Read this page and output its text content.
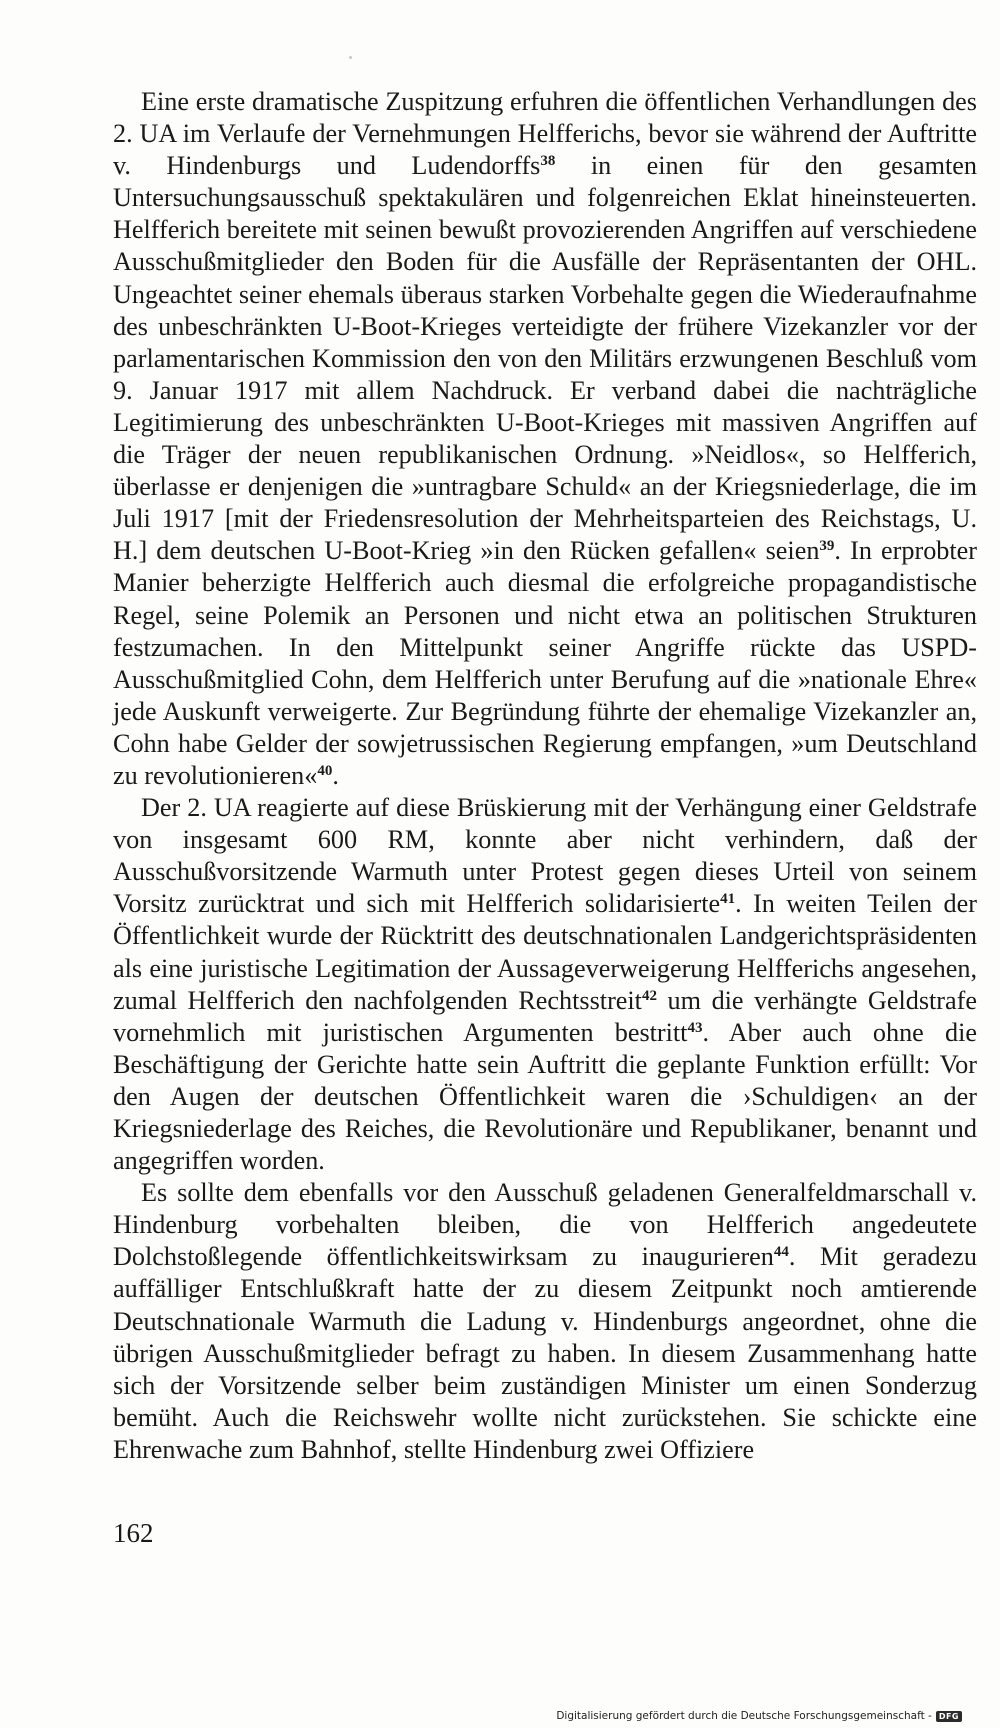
Eine erste dramatische Zuspitzung erfuhren die öffentlichen Verhandlungen des 2. UA im Verlaufe der Vernehmungen Helfferichs, bevor sie während der Auftritte v. Hindenburgs und Ludendorffs$^{38}$ in einen für den gesamten Untersuchungsausschuß spektakulären und folgenreichen Eklat hineinsteuerten. Helfferich bereitete mit seinen bewußt provozierenden Angriffen auf verschiedene Ausschußmitglieder den Boden für die Ausfälle der Repräsentanten der OHL. Ungeachtet seiner ehemals überaus starken Vorbehalte gegen die Wiederaufnahme des unbeschränkten U-Boot-Krieges verteidigte der frühere Vizekanzler vor der parlamentarischen Kommission den von den Militärs erzwungenen Beschluß vom 9. Januar 1917 mit allem Nachdruck. Er verband dabei die nachträgliche Legitimierung des unbeschränkten U-Boot-Krieges mit massiven Angriffen auf die Träger der neuen republikanischen Ordnung. »Neidlos«, so Helfferich, überlasse er denjenigen die »untragbare Schuld« an der Kriegsniederlage, die im Juli 1917 [mit der Friedensresolution der Mehrheitsparteien des Reichstags, U. H.] dem deutschen U-Boot-Krieg »in den Rücken gefallen« seien$^{39}$. In erprobter Manier beherzigte Helfferich auch diesmal die erfolgreiche propagandistische Regel, seine Polemik an Personen und nicht etwa an politischen Strukturen festzumachen. In den Mittelpunkt seiner Angriffe rückte das USPD-Ausschußmitglied Cohn, dem Helfferich unter Berufung auf die »nationale Ehre« jede Auskunft verweigerte. Zur Begründung führte der ehemalige Vizekanzler an, Cohn habe Gelder der sowjetrussischen Regierung empfangen, »um Deutschland zu revolutionieren«$^{40}$.

Der 2. UA reagierte auf diese Brüskierung mit der Verhängung einer Geldstrafe von insgesamt 600 RM, konnte aber nicht verhindern, daß der Ausschußvorsitzende Warmuth unter Protest gegen dieses Urteil von seinem Vorsitz zurücktrat und sich mit Helfferich solidarisierte$^{41}$. In weiten Teilen der Öffentlichkeit wurde der Rücktritt des deutschnationalen Landgerichtspräsidenten als eine juristische Legitimation der Aussageverweigerung Helfferichs angesehen, zumal Helfferich den nachfolgenden Rechtsstreit$^{42}$ um die verhängte Geldstrafe vornehmlich mit juristischen Argumenten bestritt$^{43}$. Aber auch ohne die Beschäftigung der Gerichte hatte sein Auftritt die geplante Funktion erfüllt: Vor den Augen der deutschen Öffentlichkeit waren die ›Schuldigen‹ an der Kriegsniederlage des Reiches, die Revolutionäre und Republikaner, benannt und angegriffen worden.

Es sollte dem ebenfalls vor den Ausschuß geladenen Generalfeldmarschall v. Hindenburg vorbehalten bleiben, die von Helfferich angedeutete Dolchstoßlegende öffentlichkeitswirksam zu inaugurieren$^{44}$. Mit geradezu auffälliger Entschlußkraft hatte der zu diesem Zeitpunkt noch amtierende Deutschnationale Warmuth die Ladung v. Hindenburgs angeordnet, ohne die übrigen Ausschußmitglieder befragt zu haben. In diesem Zusammenhang hatte sich der Vorsitzende selber beim zuständigen Minister um einen Sonderzug bemüht. Auch die Reichswehr wollte nicht zurückstehen. Sie schickte eine Ehrenwache zum Bahnhof, stellte Hindenburg zwei Offiziere

162
Digitalisierung gefördert durch die Deutsche Forschungsgemeinschaft - DFG
